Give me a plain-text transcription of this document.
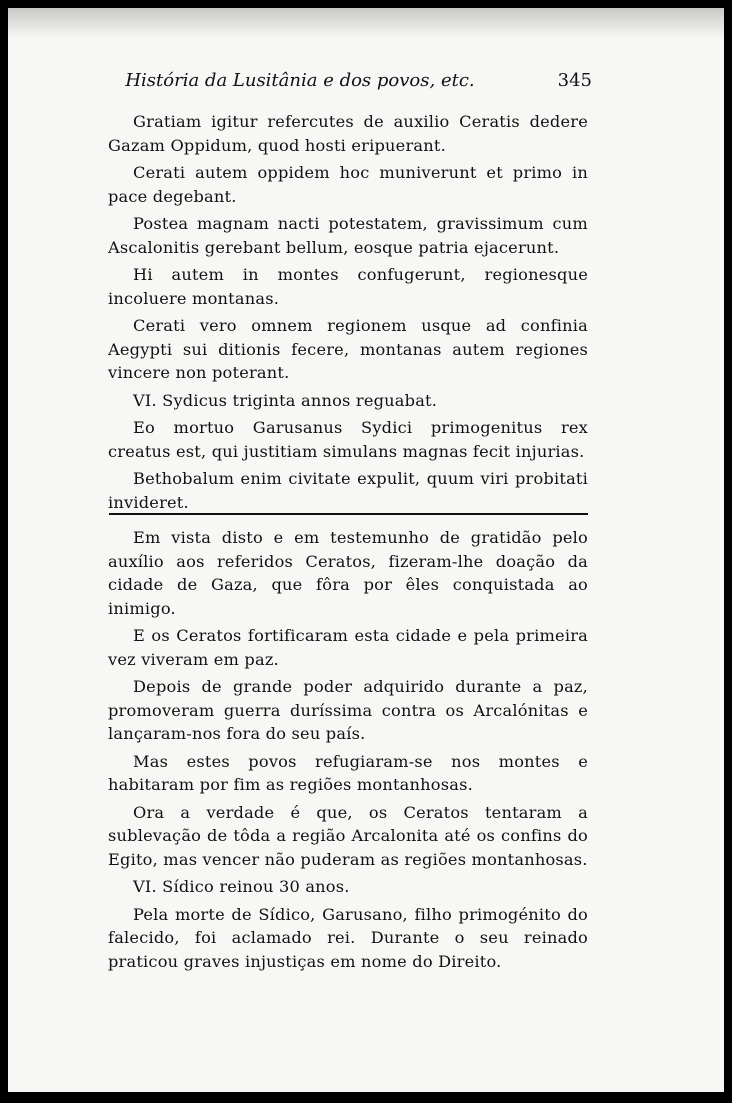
História da Lusitânia e dos povos, etc.	345

Gratiam igitur refercutes de auxilio Ceratis dedere Gazam Oppidum, quod hosti eripuerant.

Cerati autem oppidem hoc muniverunt et primo in pace degebant.

Postea magnam nacti potestatem, gravissimum cum Ascalonitis gerebant bellum, eosque patria ejacerunt.

Hi autem in montes confugerunt, regionesque incoluere montanas.

Cerati vero omnem regionem usque ad confinia Aegypti sui ditionis fecere, montanas autem regiones vincere non poterant.

VI. Sydicus triginta annos reguabat.

Eo mortuo Garusanus Sydici primogenitus rex creatus est, qui justitiam simulans magnas fecit injurias.

Bethobalum enim civitate expulit, quum viri probitati invideret.

Em vista disto e em testemunho de gratidão pelo auxílio aos referidos Ceratos, fizeram-lhe doação da cidade de Gaza, que fôra por êles conquistada ao inimigo.

E os Ceratos fortificaram esta cidade e pela primeira vez viveram em paz.

Depois de grande poder adquirido durante a paz, promoveram guerra duríssima contra os Arcalónitas e lançaram-nos fora do seu país.

Mas estes povos refugiaram-se nos montes e habitaram por fim as regiões montanhosas.

Ora a verdade é que, os Ceratos tentaram a sublevação de tôda a região Arcalonita até os confins do Egito, mas vencer não puderam as regiões montanhosas.

VI. Sídico reinou 30 anos.

Pela morte de Sídico, Garusano, filho primogénito do falecido, foi aclamado rei. Durante o seu reinado praticou graves injustiças em nome do Direito.
